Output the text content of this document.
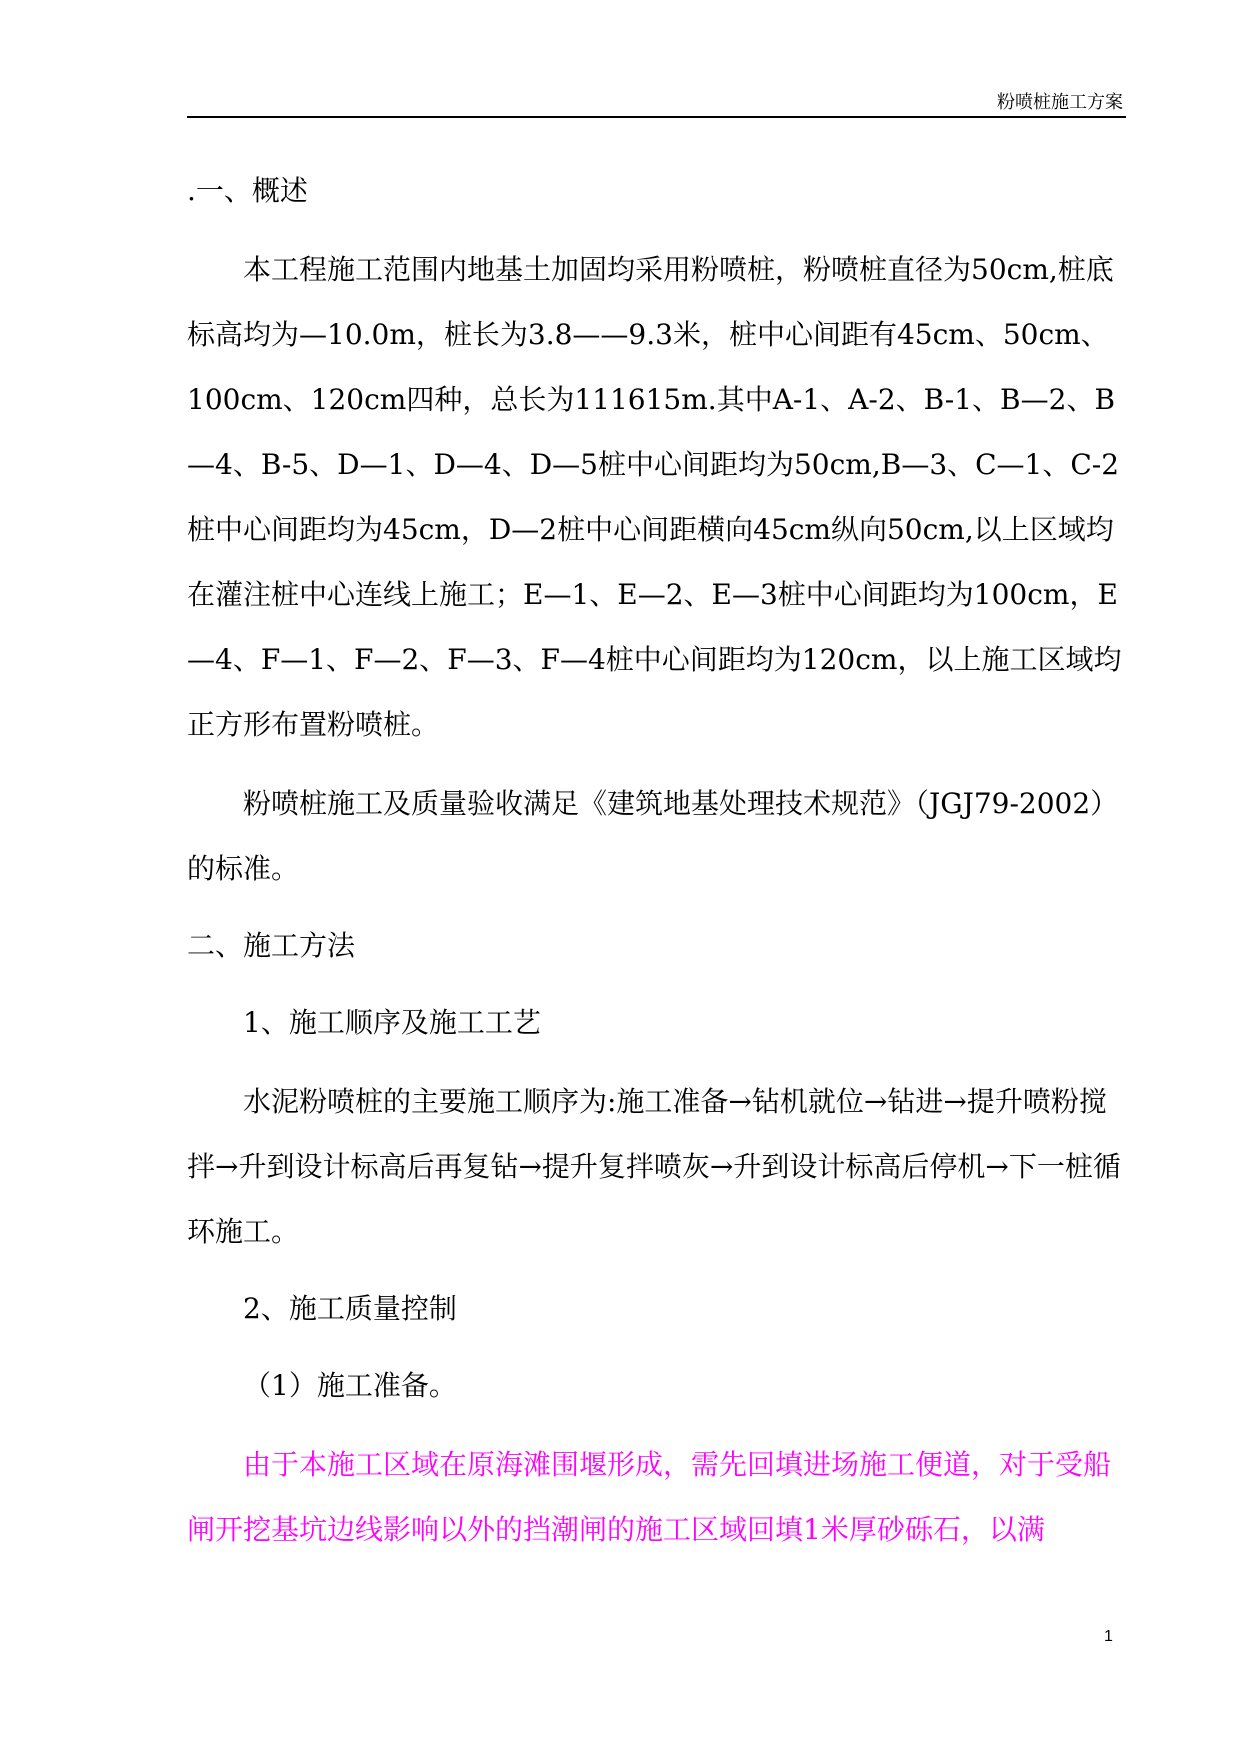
粉喷桩施工方案

.一、概述

本工程施工范围内地基土加固均采用粉喷桩，粉喷桩直径为50cm,桩底标高均为—10.0m，桩长为3.8——9.3米，桩中心间距有45cm、50cm、100cm、120cm四种，总长为111615m.其中A-1、A-2、B-1、B—2、B—4、B-5、D—1、D—4、D—5桩中心间距均为50cm,B—3、C—1、C-2桩中心间距均为45cm，D—2桩中心间距横向45cm纵向50cm,以上区域均在灌注桩中心连线上施工；E—1、E—2、E—3桩中心间距均为100cm，E—4、F—1、F—2、F—3、F—4桩中心间距均为120cm，以上施工区域均正方形布置粉喷桩。

粉喷桩施工及质量验收满足《建筑地基处理技术规范》（JGJ79-2002）的标准。

二、施工方法

1、施工顺序及施工工艺

水泥粉喷桩的主要施工顺序为:施工准备→钻机就位→钻进→提升喷粉搅拌→升到设计标高后再复钻→提升复拌喷灰→升到设计标高后停机→下一桩循环施工。

2、施工质量控制

（1）施工准备。

由于本施工区域在原海滩围堰形成，需先回填进场施工便道，对于受船闸开挖基坑边线影响以外的挡潮闸的施工区域回填1米厚砂砾石，以满

1
